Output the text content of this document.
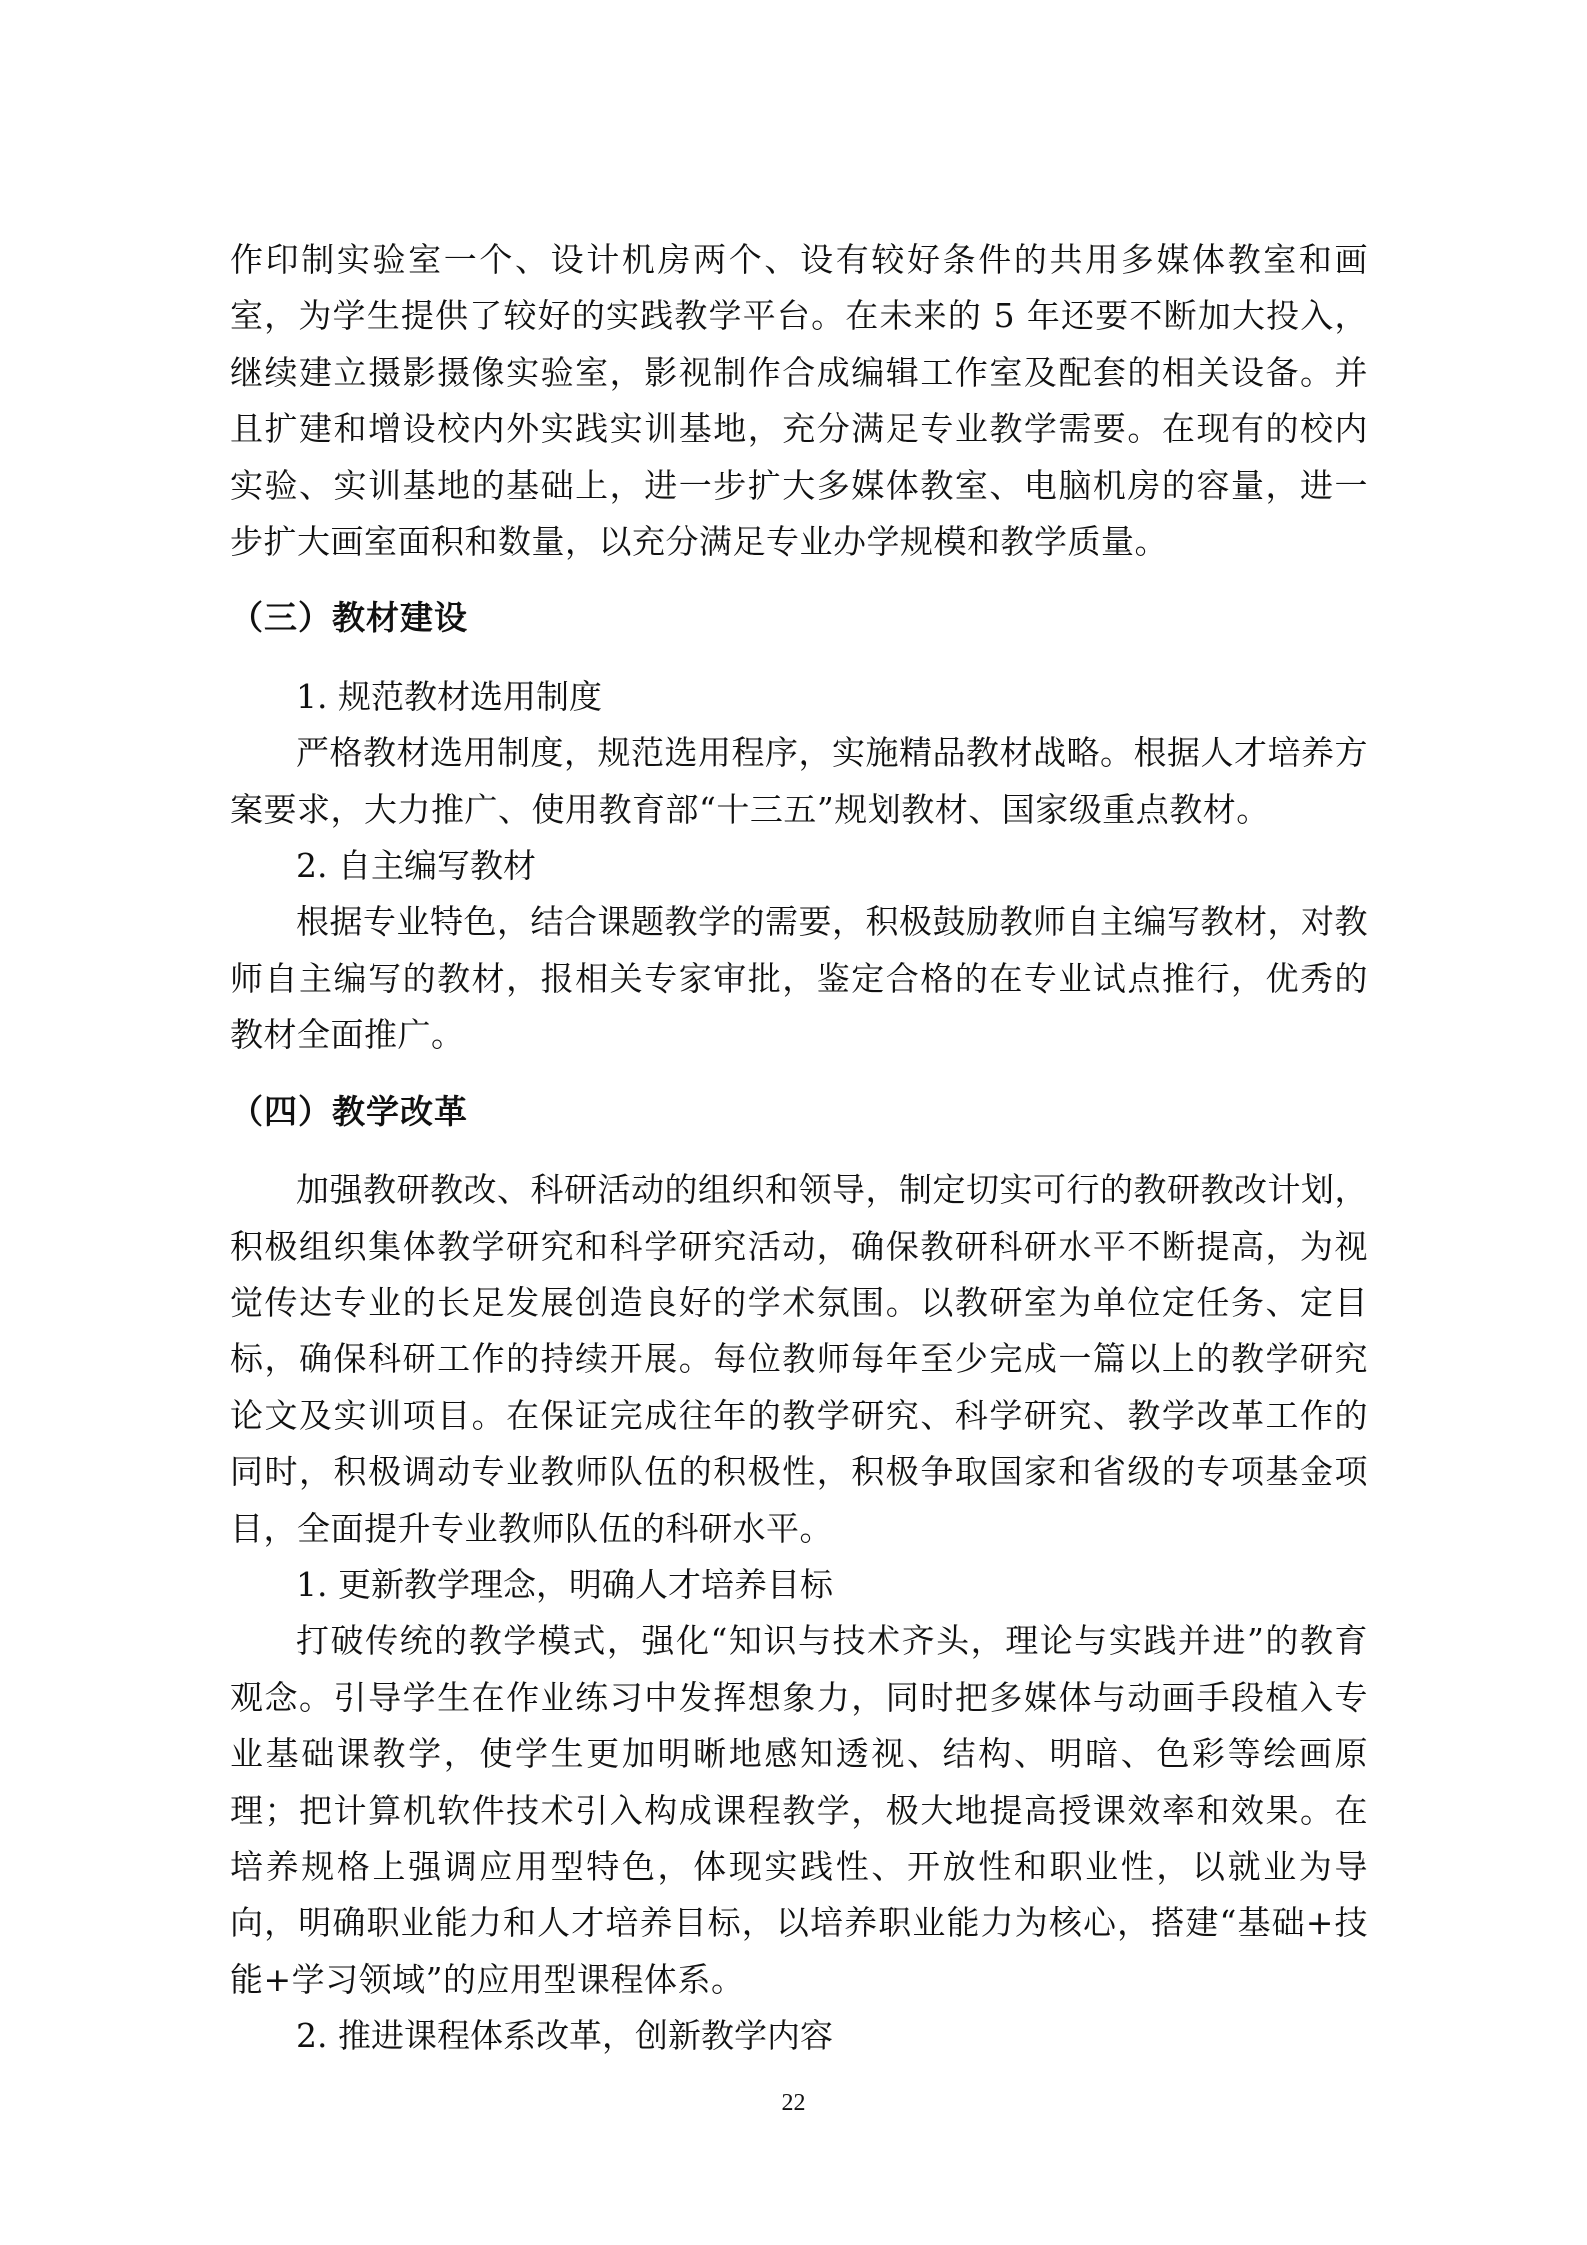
作印制实验室一个、设计机房两个、设有较好条件的共用多媒体教室和画室，为学生提供了较好的实践教学平台。在未来的 5 年还要不断加大投入，继续建立摄影摄像实验室，影视制作合成编辑工作室及配套的相关设备。并且扩建和增设校内外实践实训基地，充分满足专业教学需要。在现有的校内实验、实训基地的基础上，进一步扩大多媒体教室、电脑机房的容量，进一步扩大画室面积和数量，以充分满足专业办学规模和教学质量。

（三）教材建设

1. 规范教材选用制度

严格教材选用制度，规范选用程序，实施精品教材战略。根据人才培养方案要求，大力推广、使用教育部“十三五”规划教材、国家级重点教材。

2. 自主编写教材

根据专业特色，结合课题教学的需要，积极鼓励教师自主编写教材，对教师自主编写的教材，报相关专家审批，鉴定合格的在专业试点推行，优秀的教材全面推广。

（四）教学改革

加强教研教改、科研活动的组织和领导，制定切实可行的教研教改计划，积极组织集体教学研究和科学研究活动，确保教研科研水平不断提高，为视觉传达专业的长足发展创造良好的学术氛围。以教研室为单位定任务、定目标，确保科研工作的持续开展。每位教师每年至少完成一篇以上的教学研究论文及实训项目。在保证完成往年的教学研究、科学研究、教学改革工作的同时，积极调动专业教师队伍的积极性，积极争取国家和省级的专项基金项目，全面提升专业教师队伍的科研水平。

1. 更新教学理念，明确人才培养目标

打破传统的教学模式，强化“知识与技术齐头，理论与实践并进”的教育观念。引导学生在作业练习中发挥想象力，同时把多媒体与动画手段植入专业基础课教学，使学生更加明晰地感知透视、结构、明暗、色彩等绘画原理；把计算机软件技术引入构成课程教学，极大地提高授课效率和效果。在培养规格上强调应用型特色，体现实践性、开放性和职业性，以就业为导向，明确职业能力和人才培养目标，以培养职业能力为核心，搭建“基础+技能+学习领域”的应用型课程体系。

2. 推进课程体系改革，创新教学内容

22
